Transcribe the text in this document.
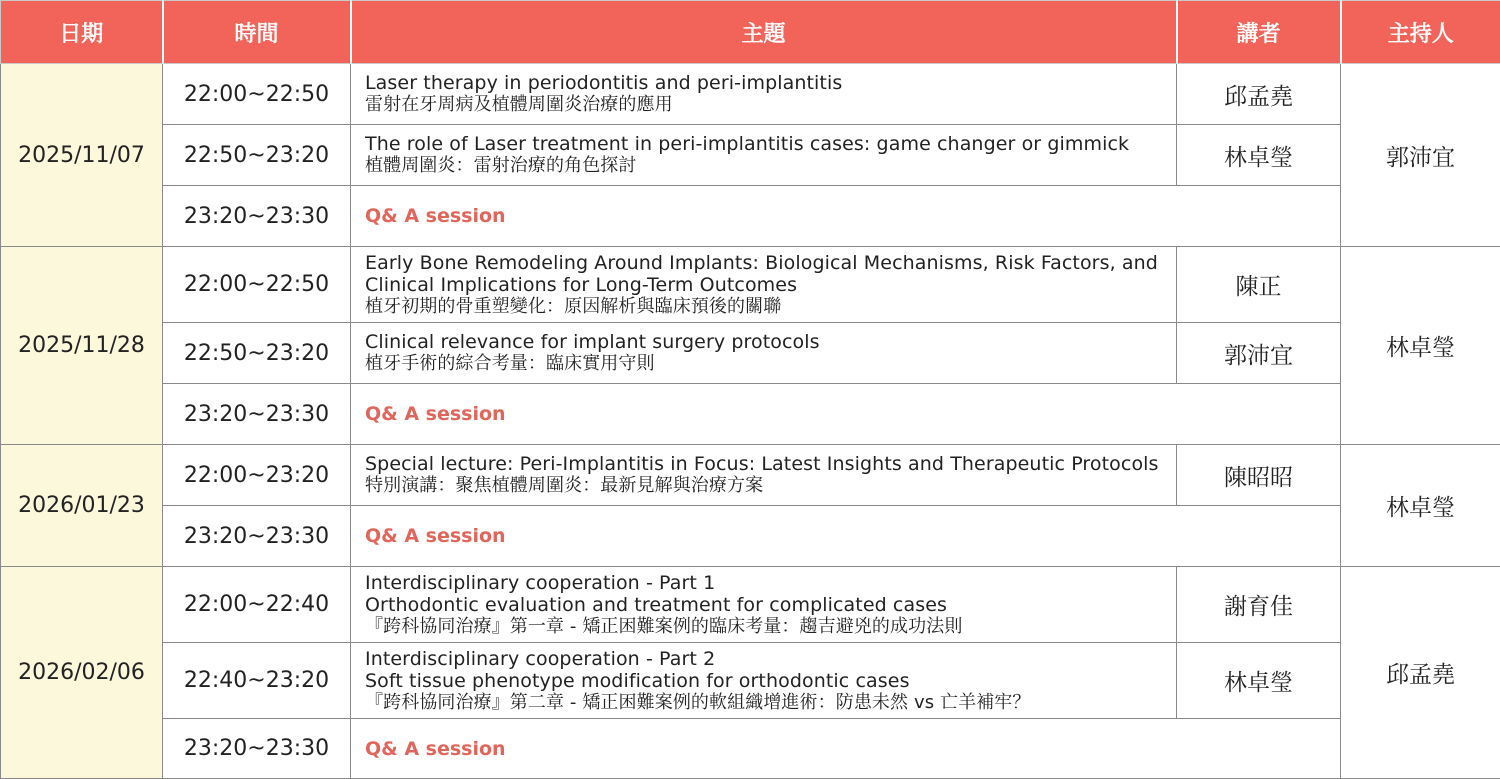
日期	時間	主題	講者	主持人
2025/11/07	22:00~22:50	Laser therapy in periodontitis and peri-implantitis
雷射在牙周病及植體周圍炎治療的應用	邱孟堯	郭沛宜
	22:50~23:20	The role of Laser treatment in peri-implantitis cases: game changer or gimmick
植體周圍炎：雷射治療的角色探討	林卓瑩	
	23:20~23:30	Q& A session		
2025/11/28	22:00~22:50	Early Bone Remodeling Around Implants: Biological Mechanisms, Risk Factors, and
Clinical Implications for Long-Term Outcomes
植牙初期的骨重塑變化：原因解析與臨床預後的關聯	陳正	林卓瑩
	22:50~23:20	Clinical relevance for implant surgery protocols
植牙手術的綜合考量：臨床實用守則	郭沛宜	
	23:20~23:30	Q& A session		
2026/01/23	22:00~23:20	Special lecture: Peri-Implantitis in Focus: Latest Insights and Therapeutic Protocols
特別演講：聚焦植體周圍炎：最新見解與治療方案	陳昭昭	林卓瑩
	23:20~23:30	Q& A session		
2026/02/06	22:00~22:40	Interdisciplinary cooperation - Part 1
Orthodontic evaluation and treatment for complicated cases
『跨科協同治療』第一章 - 矯正困難案例的臨床考量：趨吉避兇的成功法則	謝育佳	邱孟堯
	22:40~23:20	Interdisciplinary cooperation - Part 2
Soft tissue phenotype modification for orthodontic cases
『跨科協同治療』第二章 - 矯正困難案例的軟組織增進術：防患未然 vs 亡羊補牢？	林卓瑩	
	23:20~23:30	Q& A session		
